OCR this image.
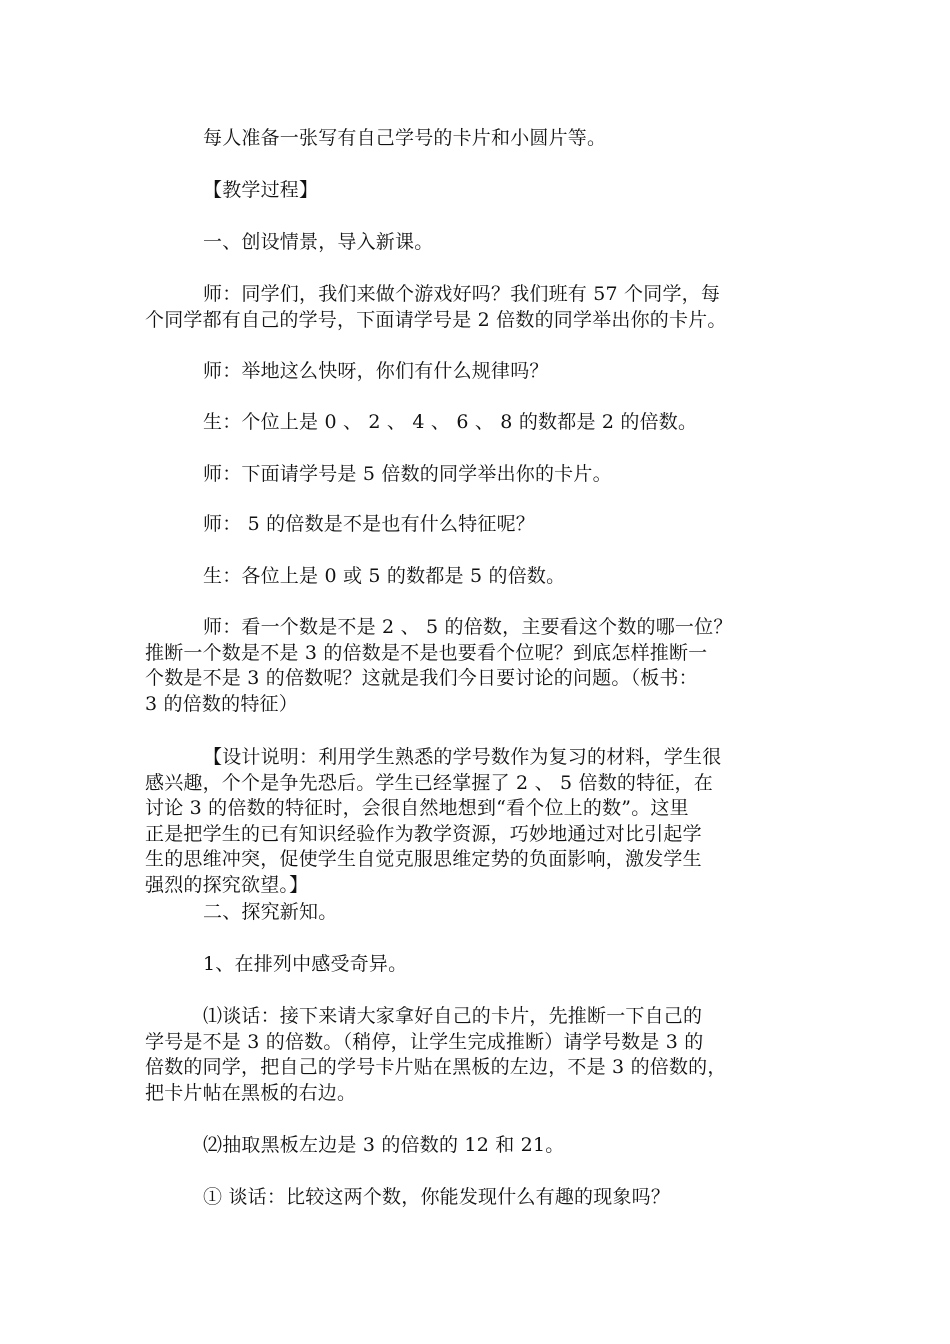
每人准备一张写有自己学号的卡片和小圆片等。

【教学过程】

一、创设情景，导入新课。

师：同学们，我们来做个游戏好吗？我们班有 57 个同学，每
个同学都有自己的学号，下面请学号是 2 倍数的同学举出你的卡片。

师：举地这么快呀，你们有什么规律吗？

生：个位上是 0 、 2 、 4 、 6 、 8 的数都是 2 的倍数。

师：下面请学号是 5 倍数的同学举出你的卡片。

师： 5 的倍数是不是也有什么特征呢？

生：各位上是 0 或 5 的数都是 5 的倍数。

师：看一个数是不是 2 、 5 的倍数，主要看这个数的哪一位？
推断一个数是不是 3 的倍数是不是也要看个位呢？到底怎样推断一
个数是不是 3 的倍数呢？这就是我们今日要讨论的问题。（板书：
3 的倍数的特征）
【设计说明：利用学生熟悉的学号数作为复习的材料，学生很
感兴趣，个个是争先恐后。学生已经掌握了 2 、 5 倍数的特征，在
讨论 3 的倍数的特征时，会很自然地想到“看个位上的数”。这里
正是把学生的已有知识经验作为教学资源，巧妙地通过对比引起学
生的思维冲突，促使学生自觉克服思维定势的负面影响，激发学生
强烈的探究欲望。】

二、探究新知。

1、在排列中感受奇异。

⑴谈话：接下来请大家拿好自己的卡片，先推断一下自己的
学号是不是 3 的倍数。（稍停，让学生完成推断）请学号数是 3 的
倍数的同学，把自己的学号卡片贴在黑板的左边，不是 3 的倍数的，
把卡片帖在黑板的右边。

⑵抽取黑板左边是 3 的倍数的 12 和 21。

① 谈话：比较这两个数，你能发现什么有趣的现象吗？
